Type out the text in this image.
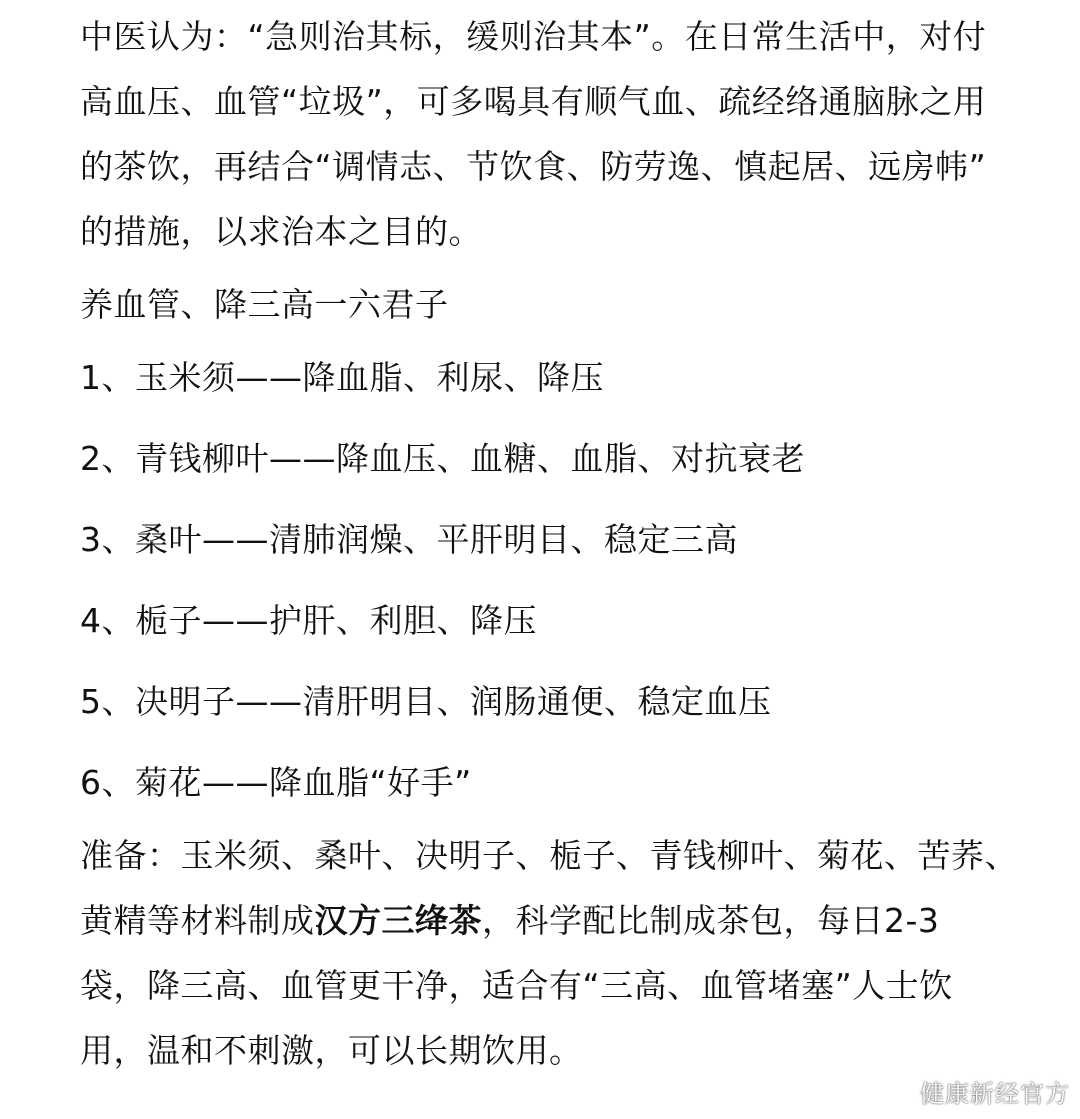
中医认为：“急则治其标，缓则治其本”。在日常生活中，对付

高血压、血管“垃圾”，可多喝具有顺气血、疏经络通脑脉之用

的茶饮，再结合“调情志、节饮食、防劳逸、慎起居、远房帏”

的措施，以求治本之目的。

养血管、降三高一六君子

1、玉米须——降血脂、利尿、降压

2、青钱柳叶——降血压、血糖、血脂、对抗衰老

3、桑叶——清肺润燥、平肝明目、稳定三高

4、栀子——护肝、利胆、降压

5、决明子——清肝明目、润肠通便、稳定血压

6、菊花——降血脂“好手”

准备：玉米须、桑叶、决明子、栀子、青钱柳叶、菊花、苦荞、

黄精等材料制成汉方三绛茶，科学配比制成茶包，每日2-3

袋，降三高、血管更干净，适合有“三高、血管堵塞”人士饮

用，温和不刺激，可以长期饮用。

健康新经官方
